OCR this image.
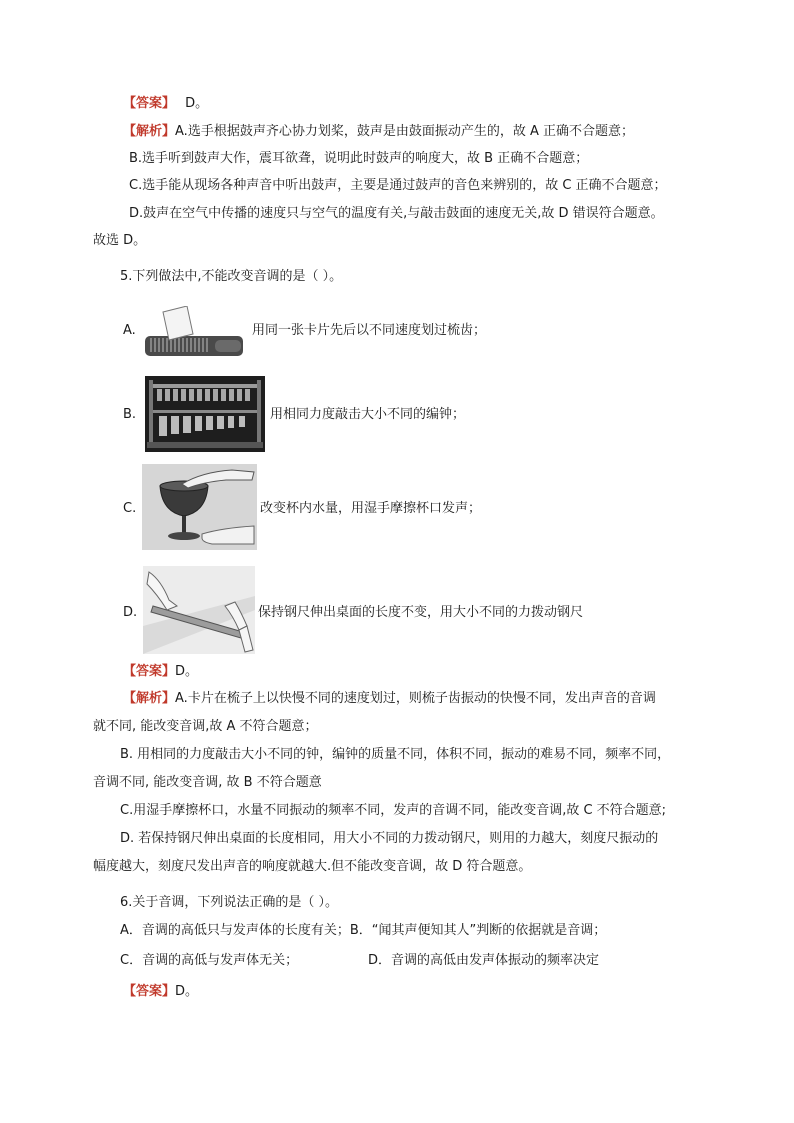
【答案】 D。
【解析】A.选手根据鼓声齐心协力划桨，鼓声是由鼓面振动产生的，故 A 正确不合题意；
B.选手听到鼓声大作，震耳欲聋，说明此时鼓声的响度大，故 B 正确不合题意；
C.选手能从现场各种声音中听出鼓声，主要是通过鼓声的音色来辨别的，故 C 正确不合题意；
D.鼓声在空气中传播的速度只与空气的温度有关,与敲击鼓面的速度无关,故 D 错误符合题意。
故选 D。
5.下列做法中,不能改变音调的是（ ）。
A.	用同一张卡片先后以不同速度划过梳齿；
B.	用相同力度敲击大小不同的编钟；
C.	改变杯内水量，用湿手摩擦杯口发声；
D.	保持钢尺伸出桌面的长度不变，用大小不同的力拨动钢尺
【答案】D。
【解析】A.卡片在梳子上以快慢不同的速度划过，则梳子齿振动的快慢不同，发出声音的音调
就不同, 能改变音调,故 A 不符合题意；
B. 用相同的力度敲击大小不同的钟，编钟的质量不同，体积不同，振动的难易不同，频率不同，
音调不同, 能改变音调, 故 B 不符合题意
C.用湿手摩擦杯口，水量不同振动的频率不同，发声的音调不同，能改变音调,故 C 不符合题意;
D. 若保持钢尺伸出桌面的长度相同，用大小不同的力拨动钢尺，则用的力越大，刻度尺振动的
幅度越大，刻度尺发出声音的响度就越大.但不能改变音调，故 D 符合题意。
6.关于音调，下列说法正确的是（ ）。
A．音调的高低只与发声体的长度有关；B．“闻其声便知其人”判断的依据就是音调；
C．音调的高低与发声体无关；	D．音调的高低由发声体振动的频率决定
【答案】D。
